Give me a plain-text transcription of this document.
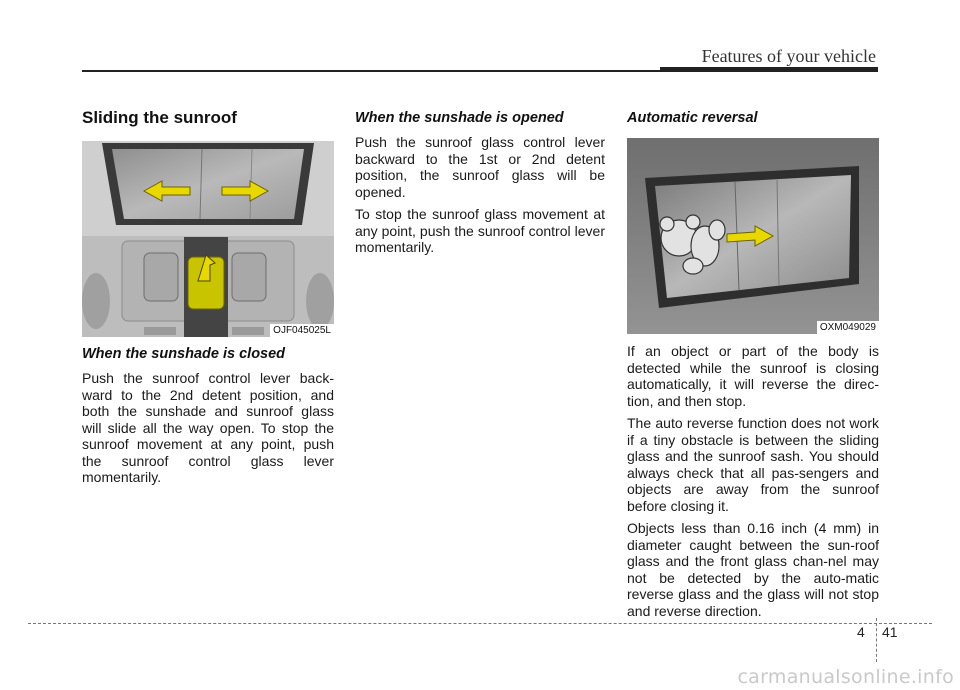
Features of your vehicle
Sliding the sunroof
OJF045025L
When the sunshade is closed

Push the sunroof control lever back-ward to the 2nd detent position, and both the sunshade and sunroof glass will slide all the way open. To stop the sunroof movement at any point, push the sunroof control glass lever momentarily.

When the sunshade is opened

Push the sunroof glass control lever backward to the 1st or 2nd detent position, the sunroof glass will be opened.

To stop the sunroof glass movement at any point, push the sunroof control lever momentarily.

Automatic reversal
OXM049029

If an object or part of the body is detected while the sunroof is closing automatically, it will reverse the direc-tion, and then stop.

The auto reverse function does not work if a tiny obstacle is between the sliding glass and the sunroof sash. You should always check that all pas-sengers and objects are away from the sunroof before closing it.

Objects less than 0.16 inch (4 mm) in diameter caught between the sun-roof glass and the front glass chan-nel may not be detected by the auto-matic reverse glass and the glass will not stop and reverse direction.

4 41
carmanualsonline.info
